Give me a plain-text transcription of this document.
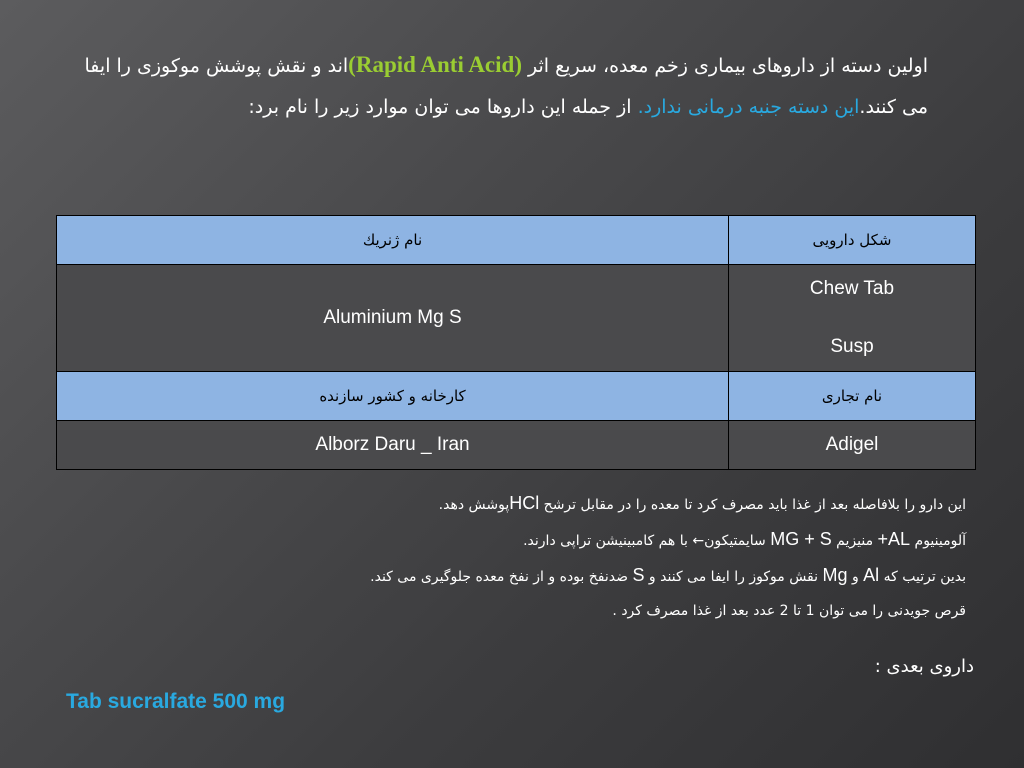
اولین دسته از داروهای بیماری زخم معده، سریع اثر (Rapid Anti Acid)اند و نقش پوشش موکوزی را ایفا می کنند.این دسته جنبه درمانی ندارد. از جمله این داروها می توان موارد زیر را نام برد:
شكل دارويی	نام ژنریك

Chew Tab
Susp	Aluminium Mg S
نام تجاری	کارخانه و کشور سازنده
Adigel	Alborz Daru _ Iran
این دارو را بلافاصله بعد از غذا باید مصرف کرد تا معده را در مقابل ترشح HClپوشش دهد.
آلومینیوم AL+ منیزیم MG + S سایمتیکون← با هم کامبینیشن تراپی دارند.
بدین ترتیب که Al و Mg نقش موکوز را ایفا می کنند و S ضدنفخ بوده و از نفخ معده جلوگیری می کند.
قرص جویدنی را می توان 1 تا 2 عدد بعد از غذا مصرف کرد .
داروی بعدی :
Tab sucralfate 500 mg
